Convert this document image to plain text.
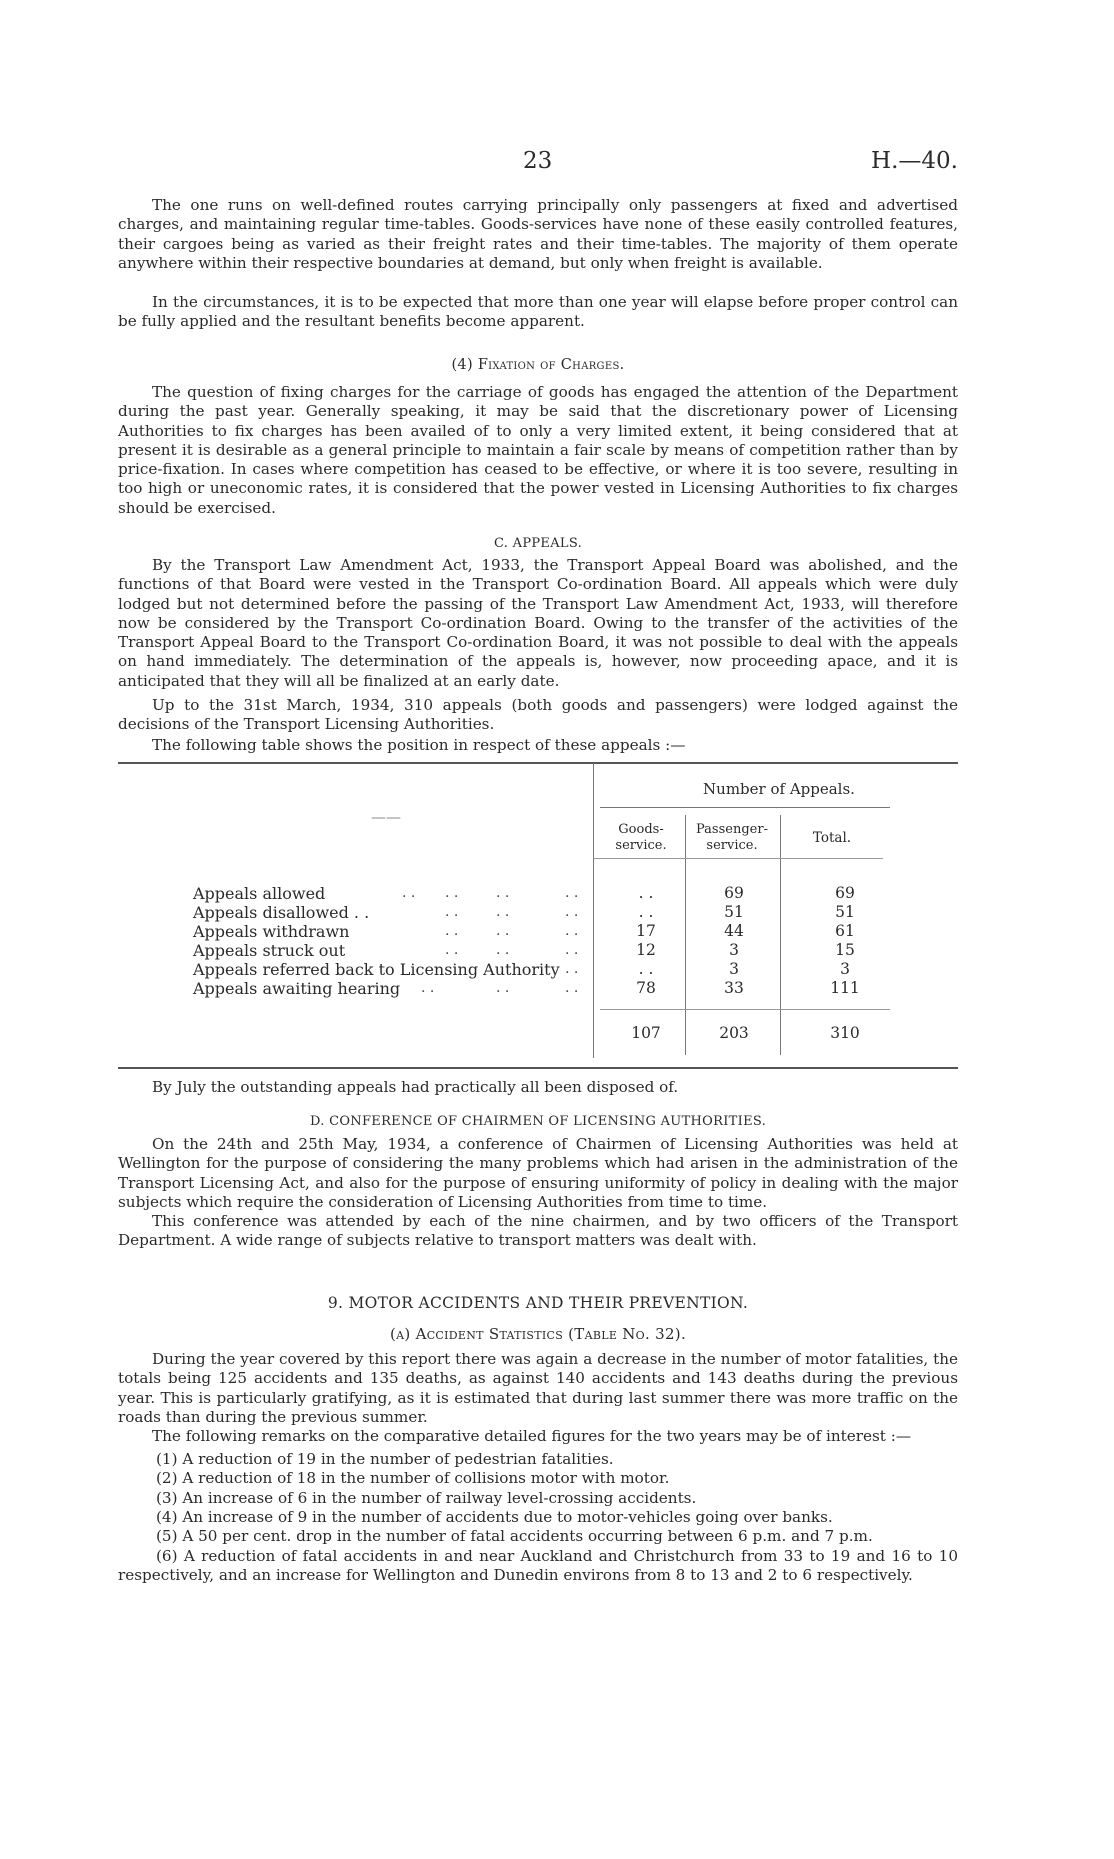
23	H.—40.

The one runs on well-defined routes carrying principally only passengers at fixed and advertised charges, and maintaining regular time-tables. Goods-services have none of these easily controlled features, their cargoes being as varied as their freight rates and their time-tables. The majority of them operate anywhere within their respective boundaries at demand, but only when freight is available.

In the circumstances, it is to be expected that more than one year will elapse before proper control can be fully applied and the resultant benefits become apparent.

(4) Fixation of Charges.

The question of fixing charges for the carriage of goods has engaged the attention of the Department during the past year. Generally speaking, it may be said that the discretionary power of Licensing Authorities to fix charges has been availed of to only a very limited extent, it being considered that at present it is desirable as a general principle to maintain a fair scale by means of competition rather than by price-fixation. In cases where competition has ceased to be effective, or where it is too severe, resulting in too high or uneconomic rates, it is considered that the power vested in Licensing Authorities to fix charges should be exercised.

C. APPEALS.

By the Transport Law Amendment Act, 1933, the Transport Appeal Board was abolished, and the functions of that Board were vested in the Transport Co-ordination Board. All appeals which were duly lodged but not determined before the passing of the Transport Law Amendment Act, 1933, will therefore now be considered by the Transport Co-ordination Board. Owing to the transfer of the activities of the Transport Appeal Board to the Transport Co-ordination Board, it was not possible to deal with the appeals on hand immediately. The determination of the appeals is, however, now proceeding apace, and it is anticipated that they will all be finalized at an early date.

Up to the 31st March, 1934, 310 appeals (both goods and passengers) were lodged against the decisions of the Transport Licensing Authorities.

The following table shows the position in respect of these appeals :—

Number of Appeals.
——
Goods-service.
Passenger-service.	Total.
Appeals allowed	. . . .	. .	. .	. .	69	69
Appeals disallowed . .	. .	. .	. .	. .	51	51
Appeals withdrawn	. .	. .	. .	17	44	61
Appeals struck out	. .	. .	. .	12	3	15
Appeals referred back to Licensing Authority . .	. .	3	3
Appeals awaiting hearing . .	. .	. .	78	33	111
107	203	310

By July the outstanding appeals had practically all been disposed of.

D. CONFERENCE OF CHAIRMEN OF LICENSING AUTHORITIES.

On the 24th and 25th May, 1934, a conference of Chairmen of Licensing Authorities was held at Wellington for the purpose of considering the many problems which had arisen in the administration of the Transport Licensing Act, and also for the purpose of ensuring uniformity of policy in dealing with the major subjects which require the consideration of Licensing Authorities from time to time.

This conference was attended by each of the nine chairmen, and by two officers of the Transport Department. A wide range of subjects relative to transport matters was dealt with.

9. MOTOR ACCIDENTS AND THEIR PREVENTION.

(a) Accident Statistics (Table No. 32).

During the year covered by this report there was again a decrease in the number of motor fatalities, the totals being 125 accidents and 135 deaths, as against 140 accidents and 143 deaths during the previous year. This is particularly gratifying, as it is estimated that during last summer there was more traffic on the roads than during the previous summer.

The following remarks on the comparative detailed figures for the two years may be of interest :—

(1) A reduction of 19 in the number of pedestrian fatalities.
(2) A reduction of 18 in the number of collisions motor with motor.
(3) An increase of 6 in the number of railway level-crossing accidents.
(4) An increase of 9 in the number of accidents due to motor-vehicles going over banks.
(5) A 50 per cent. drop in the number of fatal accidents occurring between 6 p.m. and 7 p.m.

(6) A reduction of fatal accidents in and near Auckland and Christchurch from 33 to 19 and 16 to 10 respectively, and an increase for Wellington and Dunedin environs from 8 to 13 and 2 to 6 respectively.
